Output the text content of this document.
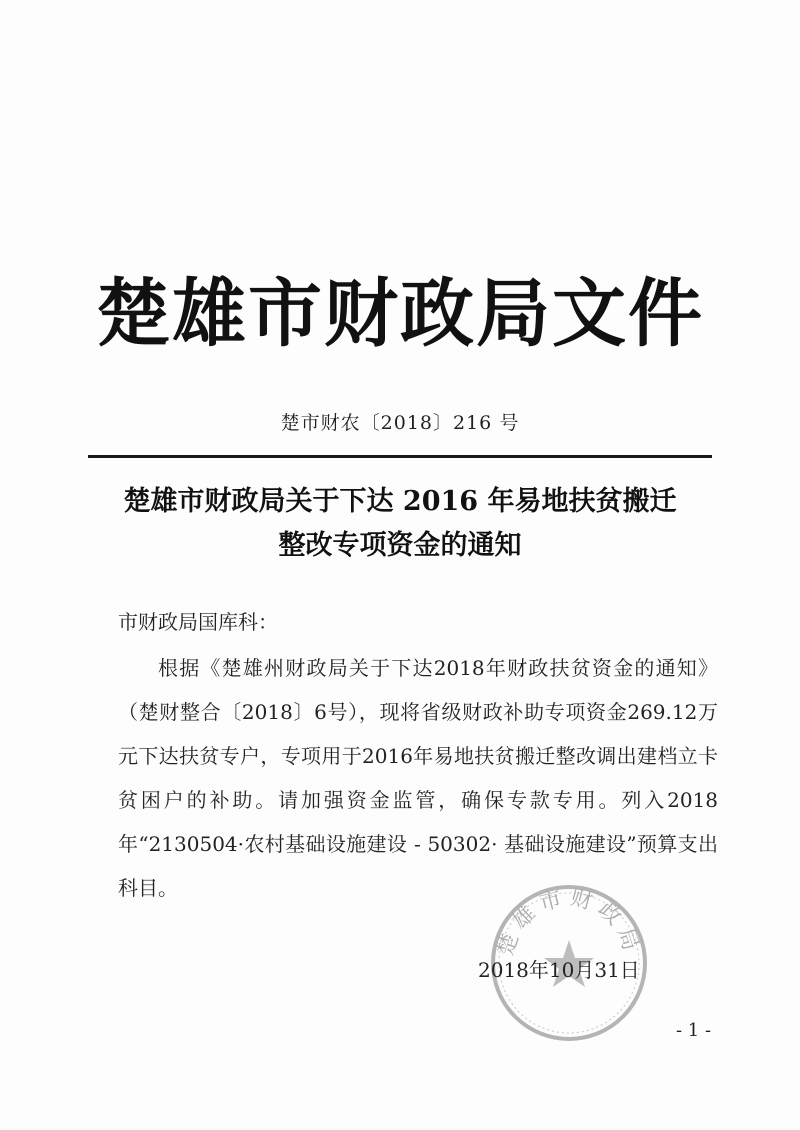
楚雄市财政局文件
楚市财农〔2018〕216 号
楚雄市财政局关于下达 2016 年易地扶贫搬迁
整改专项资金的通知
市财政局国库科：

根据《楚雄州财政局关于下达2018年财政扶贫资金的通知》（楚财整合〔2018〕6号），现将省级财政补助专项资金269.12万元下达扶贫专户，专项用于2016年易地扶贫搬迁整改调出建档立卡贫困户的补助。请加强资金监管，确保专款专用。列入2018年“2130504·农村基础设施建设 - 50302· 基础设施建设”预算支出科目。

楚雄市财政局
2018年10月31日
- 1 -
